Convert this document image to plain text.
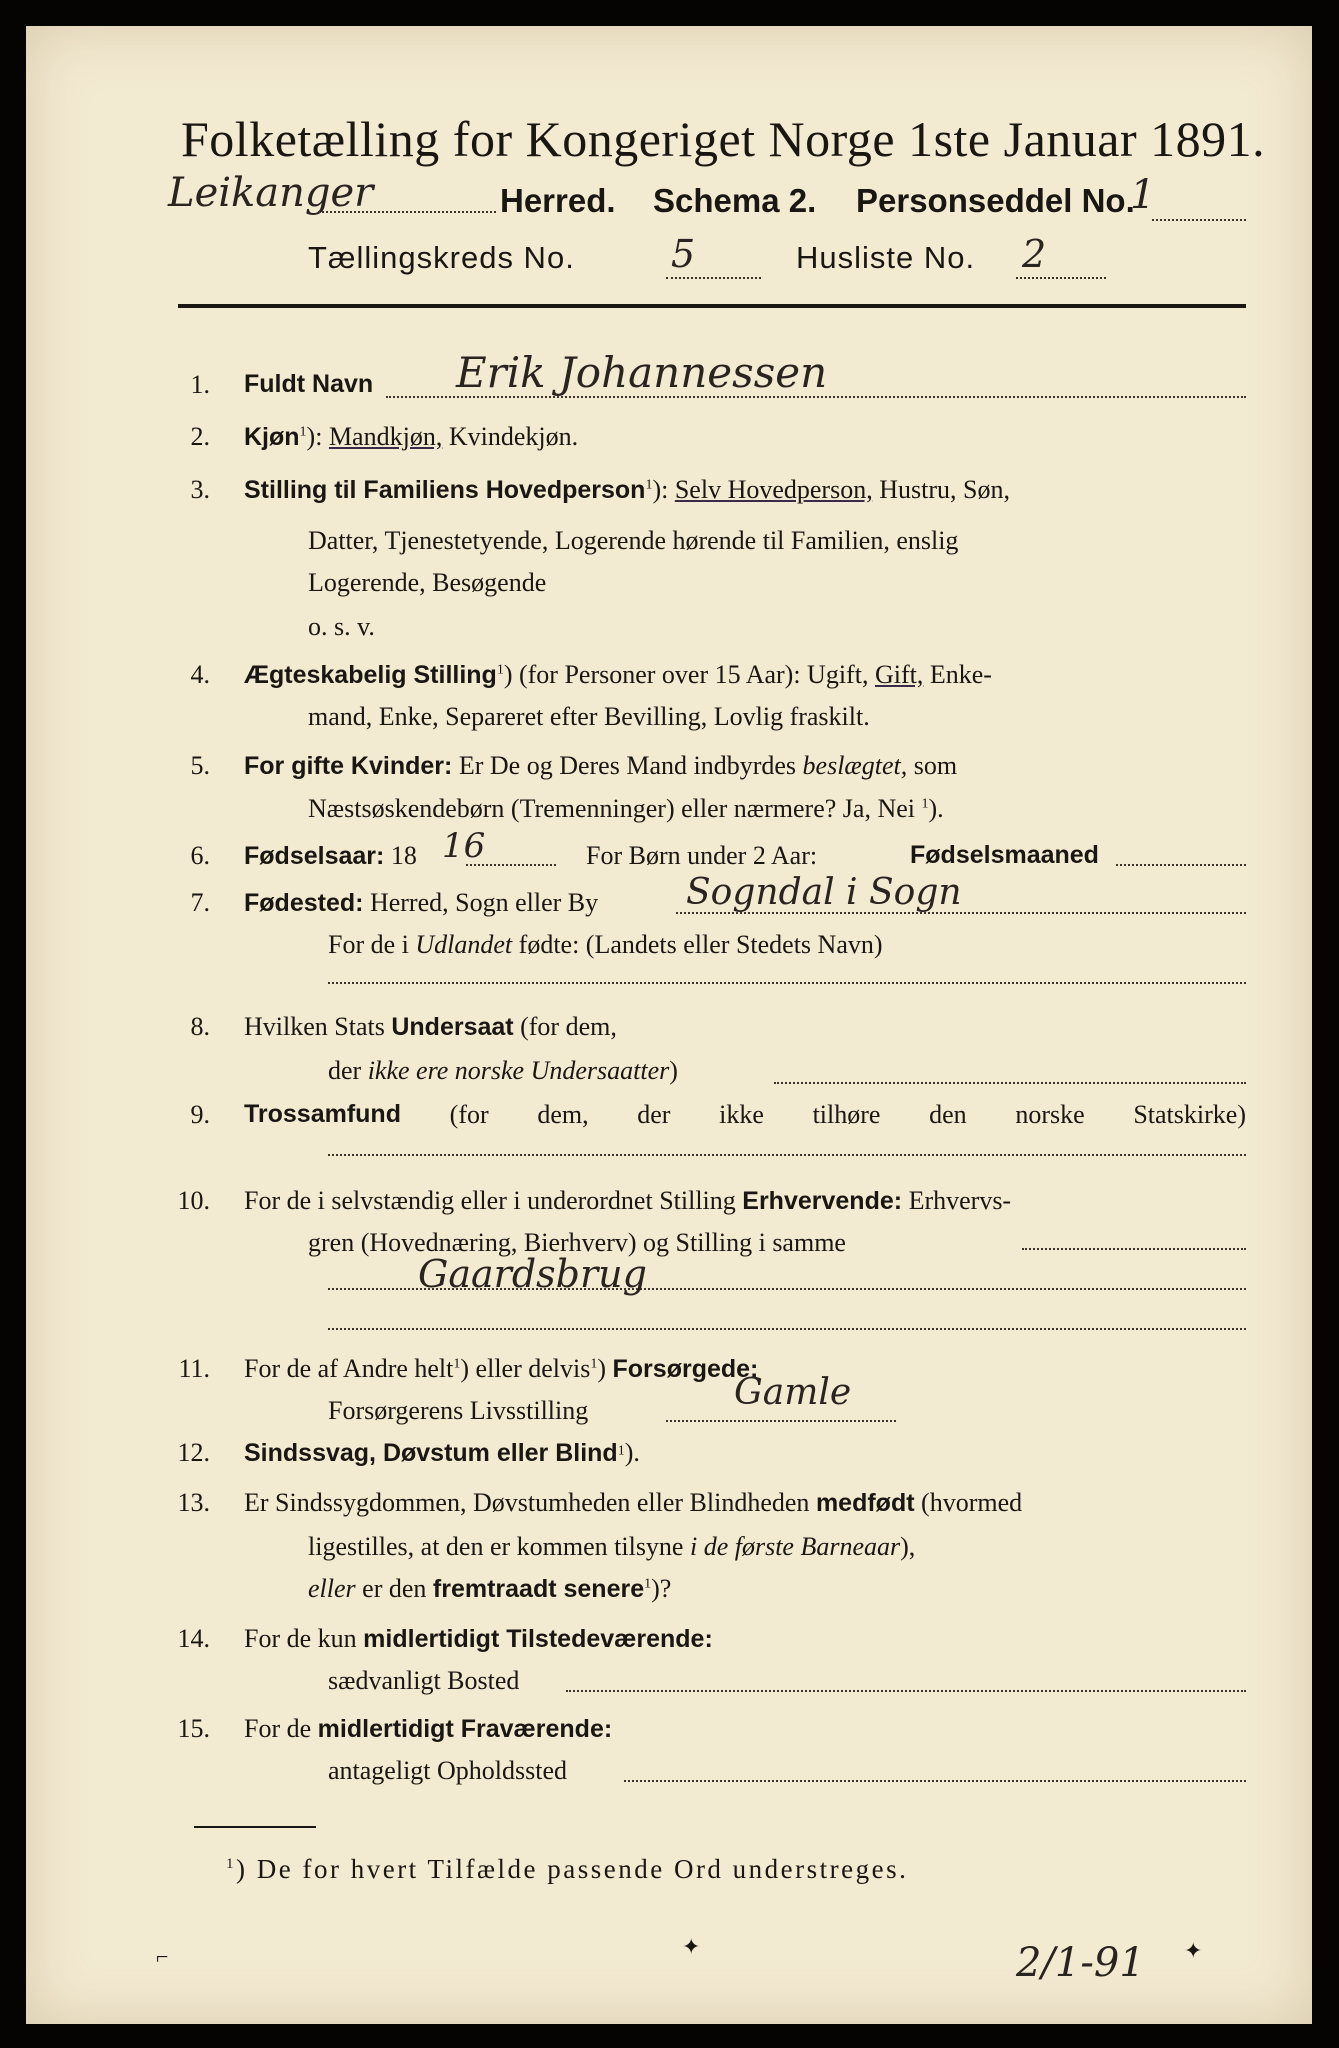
Folketælling for Kongeriget Norge 1ste Januar 1891.
Leikanger	Herred. Schema 2. Personseddel No.
1
Tællingskreds No.	5	Husliste No. 2
1. Fuldt Navn Erik Johannessen
2. Kjøn$^1$): Mandkjøn, Kvindekjøn.
3. Stilling til Familiens Hovedperson$^1$): Selv Hovedperson, Hustru, Søn,
Datter, Tjenestetyende, Logerende hørende til Familien, enslig
Logerende, Besøgende
o. s. v.
4. Ægteskabelig Stilling$^1$) (for Personer over 15 Aar): Ugift, Gift, Enke-
mand, Enke, Separeret efter Bevilling, Lovlig fraskilt.
5. For gifte Kvinder: Er De og Deres Mand indbyrdes beslægtet, som
Næstsøskendebørn (Tremenninger) eller nærmere? Ja, Nei $^1$).
6. Fødselsaar: 18 16	For Børn under 2 Aar:	Fødselsmaaned
7. Fødested: Herred, Sogn eller By Sogndal i Sogn
For de i Udlandet fødte: (Landets eller Stedets Navn)
8. Hvilken Stats Undersaat (for dem,
der ikke ere norske Undersaatter)
9. Trossamfund (for dem, der ikke tilhøre den norske Statskirke)
10. For de i selvstændig eller i underordnet Stilling Erhvervende: Erhvervs-
gren (Hovednæring, Bierhverv) og Stilling i samme
Gaardsbrug
11. For de af Andre helt$^1$) eller delvis$^1$) Forsørgede:
Forsørgerens Livsstilling	Gamle
12. Sindssvag, Døvstum eller Blind$^1$).
13. Er Sindssygdommen, Døvstumheden eller Blindheden medfødt (hvormed
ligestilles, at den er kommen tilsyne i de første Barneaar),
eller er den fremtraadt senere$^1$)?
14. For de kun midlertidigt Tilstedeværende:
sædvanligt Bosted
15. For de midlertidigt Fraværende:
antageligt Opholdssted
$^1$) De for hvert Tilfælde passende Ord understreges.
2/1-91
⌐	✦	✦
